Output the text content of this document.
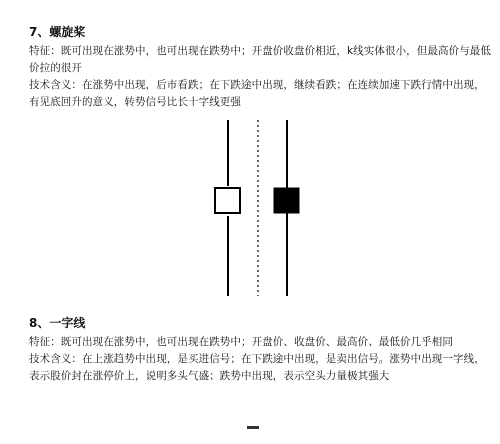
7、螺旋桨

特征：既可出现在涨势中，也可出现在跌势中；开盘价收盘价相近，k线实体很小，但最高价与最低价拉的很开

技术含义：在涨势中出现，后市看跌；在下跌途中出现，继续看跌；在连续加速下跌行情中出现，有见底回升的意义，转势信号比长十字线更强

8、一字线

特征：既可出现在涨势中，也可出现在跌势中；开盘价、收盘价、最高价、最低价几乎相同

技术含义：在上涨趋势中出现，是买进信号；在下跌途中出现，是卖出信号。涨势中出现一字线，表示股价封在涨停价上，说明多头气盛；跌势中出现，表示空头力量极其强大
